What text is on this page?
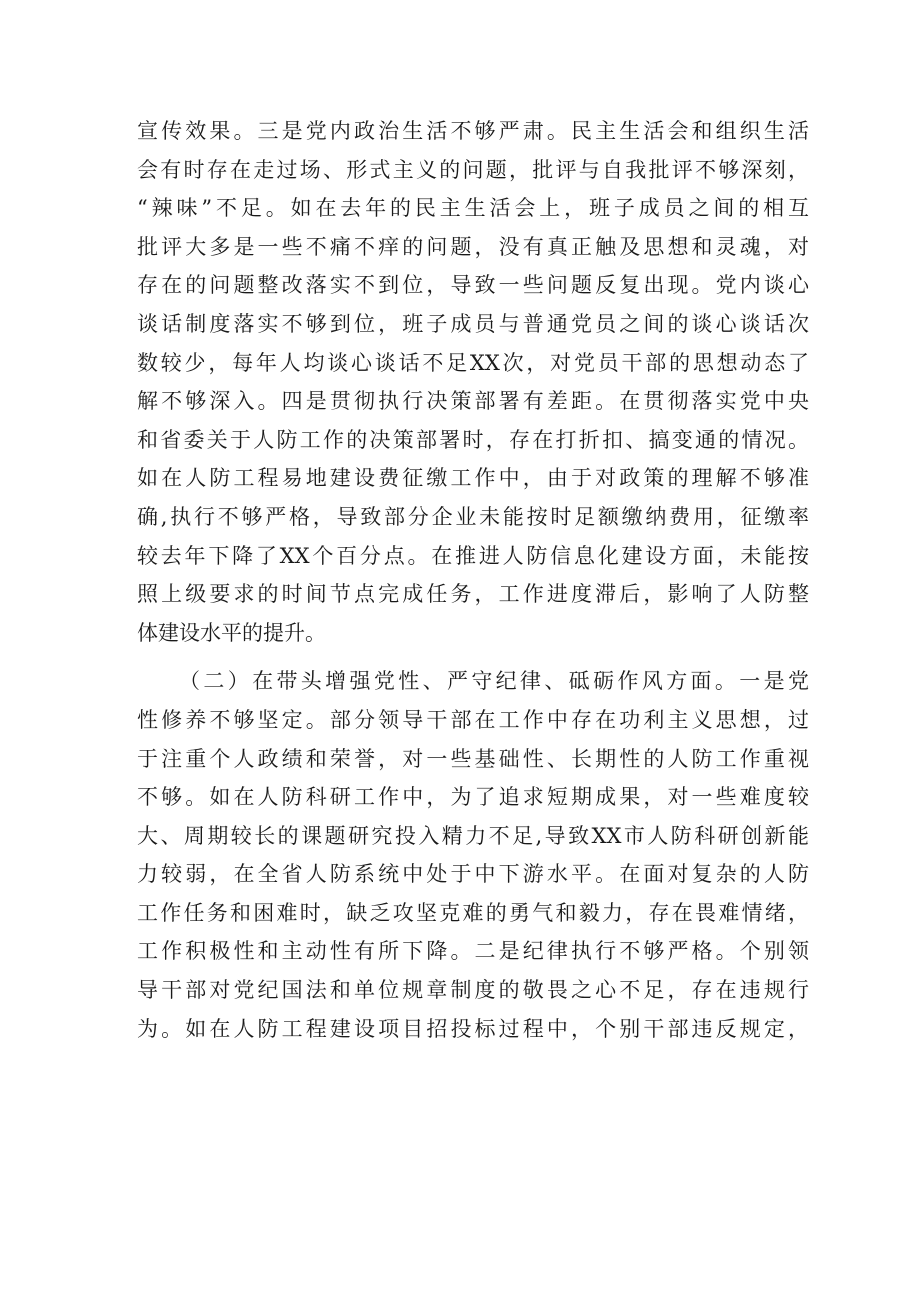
宣传效果。三是党内政治生活不够严肃。民主生活会和组织生活
会有时存在走过场、形式主义的问题，批评与自我批评不够深刻，
“辣味”不足。如在去年的民主生活会上，班子成员之间的相互
批评大多是一些不痛不痒的问题，没有真正触及思想和灵魂，对
存在的问题整改落实不到位，导致一些问题反复出现。党内谈心
谈话制度落实不够到位，班子成员与普通党员之间的谈心谈话次
数较少，每年人均谈心谈话不足XX次，对党员干部的思想动态了
解不够深入。四是贯彻执行决策部署有差距。在贯彻落实党中央
和省委关于人防工作的决策部署时，存在打折扣、搞变通的情况。
如在人防工程易地建设费征缴工作中，由于对政策的理解不够准
确,执行不够严格，导致部分企业未能按时足额缴纳费用，征缴率
较去年下降了XX个百分点。在推进人防信息化建设方面，未能按
照上级要求的时间节点完成任务，工作进度滞后，影响了人防整
体建设水平的提升。
（二）在带头增强党性、严守纪律、砥砺作风方面。一是党
性修养不够坚定。部分领导干部在工作中存在功利主义思想，过
于注重个人政绩和荣誉，对一些基础性、长期性的人防工作重视
不够。如在人防科研工作中，为了追求短期成果，对一些难度较
大、周期较长的课题研究投入精力不足,导致XX市人防科研创新能
力较弱，在全省人防系统中处于中下游水平。在面对复杂的人防
工作任务和困难时，缺乏攻坚克难的勇气和毅力，存在畏难情绪，
工作积极性和主动性有所下降。二是纪律执行不够严格。个别领
导干部对党纪国法和单位规章制度的敬畏之心不足，存在违规行
为。如在人防工程建设项目招投标过程中，个别干部违反规定，
